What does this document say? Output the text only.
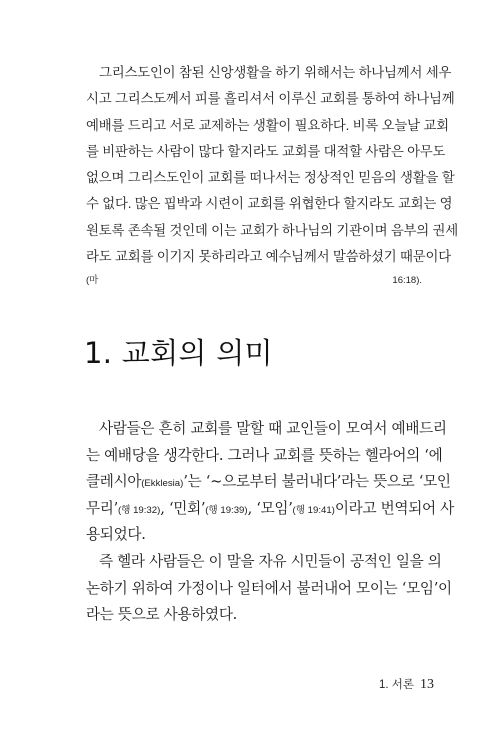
그리스도인이 참된 신앙생활을 하기 위해서는 하나님께서 세우
시고 그리스도께서 피를 흘리셔서 이루신 교회를 통하여 하나님께
예배를 드리고 서로 교제하는 생활이 필요하다. 비록 오늘날 교회
를 비판하는 사람이 많다 할지라도 교회를 대적할 사람은 아무도
없으며 그리스도인이 교회를 떠나서는 정상적인 믿음의 생활을 할
수 없다. 많은 핍박과 시련이 교회를 위협한다 할지라도 교회는 영
원토록 존속될 것인데 이는 교회가 하나님의 기관이며 음부의 권세
라도 교회를 이기지 못하리라고 예수님께서 말씀하셨기 때문이다
(마 16:18).
1. 교회의 의미
사람들은 흔히 교회를 말할 때 교인들이 모여서 예배드리
는 예배당을 생각한다. 그러나 교회를 뜻하는 헬라어의 ‘에
클레시아(Ekklesia)’는 ‘~으로부터 불러내다’라는 뜻으로 ‘모인
무리’(행 19:32), ‘민회’(행 19:39), ‘모임’(행 19:41)이라고 번역되어 사
용되었다.
즉 헬라 사람들은 이 말을 자유 시민들이 공적인 일을 의
논하기 위하여 가정이나 일터에서 불러내어 모이는 ‘모임’이
라는 뜻으로 사용하였다.
1. 서론 13
